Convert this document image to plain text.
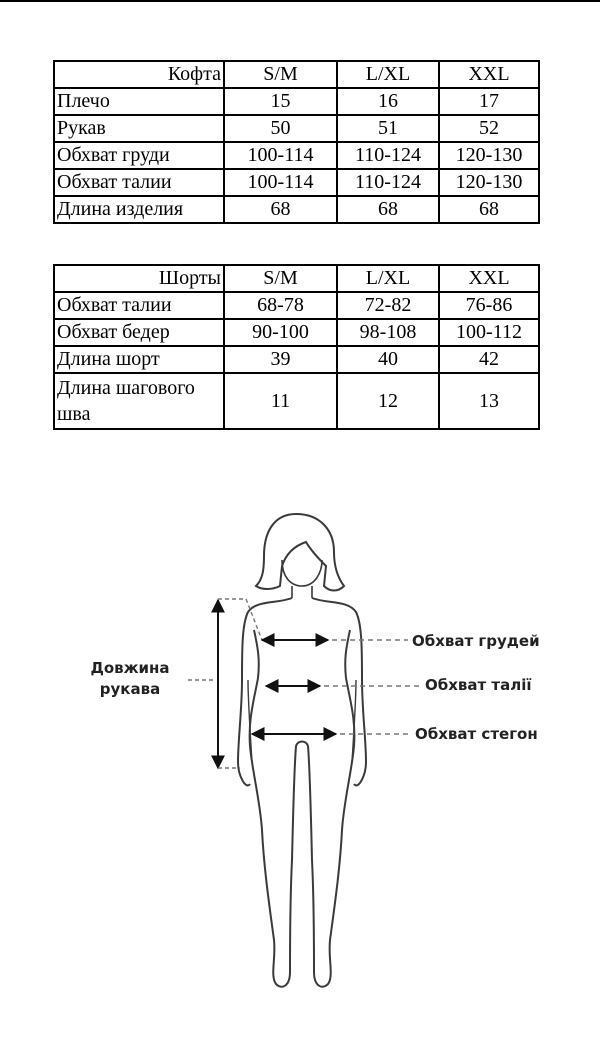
Кофта	S/M	L/XL	XXL
Плечо	15	16	17
Рукав	50	51	52
Обхват груди	100-114	110-124	120-130
Обхват талии	100-114	110-124	120-130
Длина изделия	68	68	68
Шорты	S/M	L/XL	XXL
Обхват талии	68-78	72-82	76-86
Обхват бедер	90-100	98-108	100-112
Длина шорт	39	40	42
Длина шагового шва	11	12	13
Довжина рукава
Обхват грудей
Обхват талії
Обхват стегон
